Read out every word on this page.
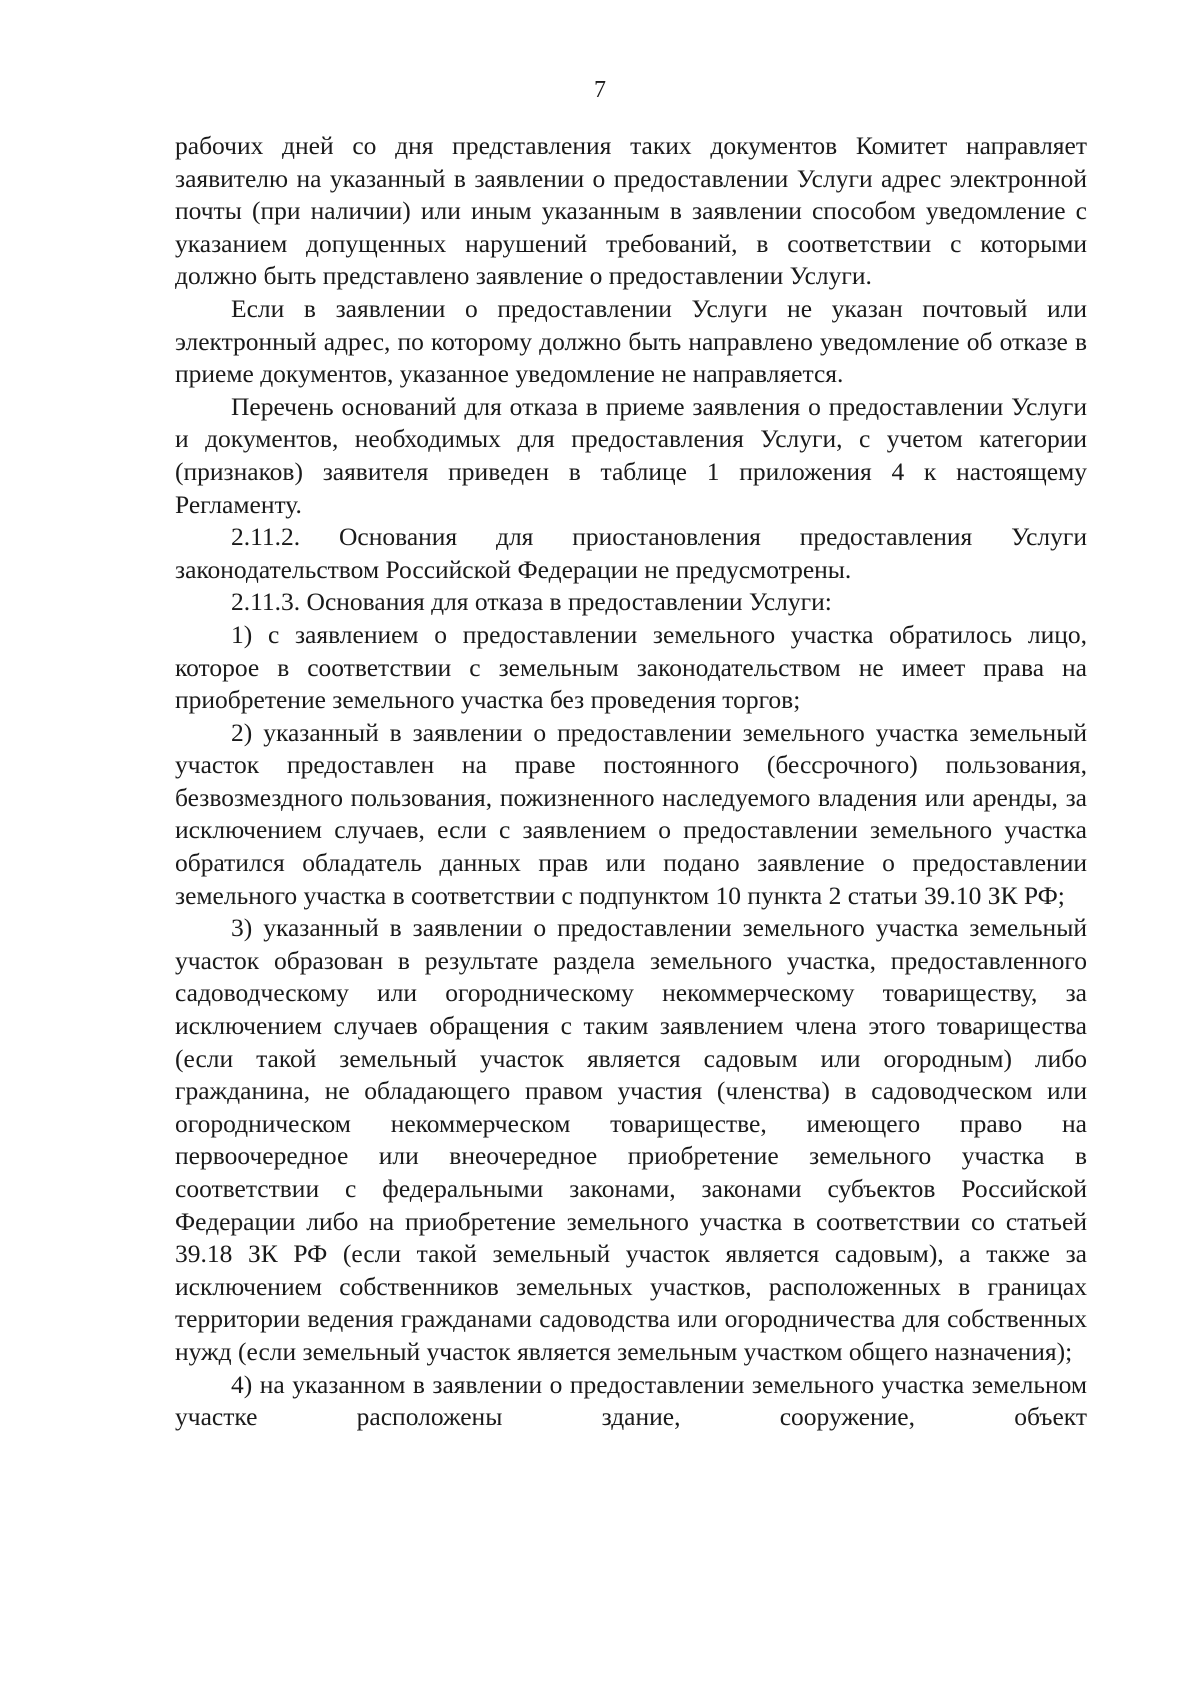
7

рабочих дней со дня представления таких документов Комитет направляет заявителю на указанный в заявлении о предоставлении Услуги адрес электронной почты (при наличии) или иным указанным в заявлении способом уведомление с указанием допущенных нарушений требований, в соответствии с которыми должно быть представлено заявление о предоставлении Услуги.

Если в заявлении о предоставлении Услуги не указан почтовый или электронный адрес, по которому должно быть направлено уведомление об отказе в приеме документов, указанное уведомление не направляется.

Перечень оснований для отказа в приеме заявления о предоставлении Услуги и документов, необходимых для предоставления Услуги, с учетом категории (признаков) заявителя приведен в таблице 1 приложения 4 к настоящему Регламенту.

2.11.2. Основания для приостановления предоставления Услуги законодательством Российской Федерации не предусмотрены.

2.11.3. Основания для отказа в предоставлении Услуги:

1) с заявлением о предоставлении земельного участка обратилось лицо, которое в соответствии с земельным законодательством не имеет права на приобретение земельного участка без проведения торгов;

2) указанный в заявлении о предоставлении земельного участка земельный участок предоставлен на праве постоянного (бессрочного) пользования, безвозмездного пользования, пожизненного наследуемого владения или аренды, за исключением случаев, если с заявлением о предоставлении земельного участка обратился обладатель данных прав или подано заявление о предоставлении земельного участка в соответствии с подпунктом 10 пункта 2 статьи 39.10 ЗК РФ;

3) указанный в заявлении о предоставлении земельного участка земельный участок образован в результате раздела земельного участка, предоставленного садоводческому или огородническому некоммерческому товариществу, за исключением случаев обращения с таким заявлением члена этого товарищества (если такой земельный участок является садовым или огородным) либо гражданина, не обладающего правом участия (членства) в садоводческом или огородническом некоммерческом товариществе, имеющего право на первоочередное или внеочередное приобретение земельного участка в соответствии с федеральными законами, законами субъектов Российской Федерации либо на приобретение земельного участка в соответствии со статьей 39.18 ЗК РФ (если такой земельный участок является садовым), а также за исключением собственников земельных участков, расположенных в границах территории ведения гражданами садоводства или огородничества для собственных нужд (если земельный участок является земельным участком общего назначения);

4) на указанном в заявлении о предоставлении земельного участка земельном участке расположены здание, сооружение, объект
